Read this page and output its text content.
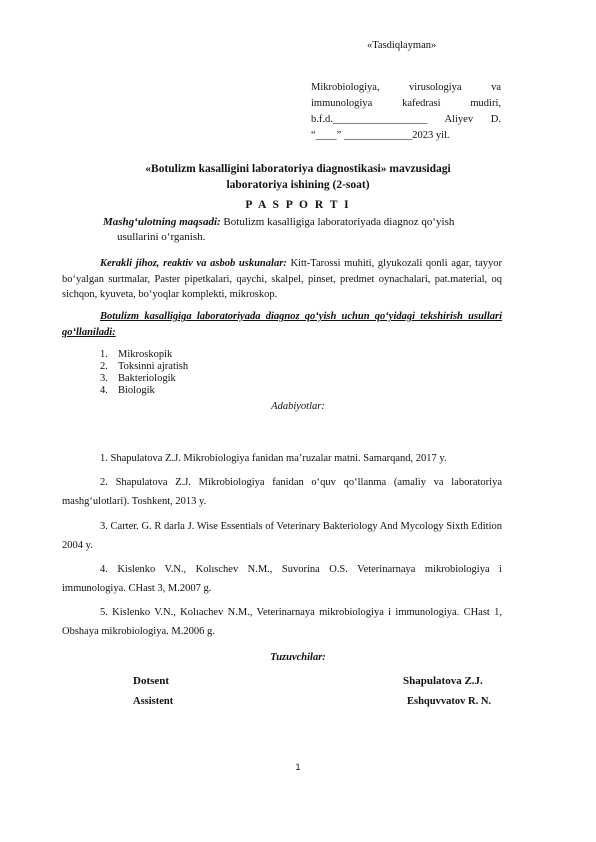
«Tasdiqlayman»
Mikrobiologiya, virusologiya va
immunologiya kafedrasi mudiri,
b.f.d.__________________ Aliyev D.
“____” _____________2023 yil.
«Botulizm kasalligini laboratoriya diagnostikasi» mavzusidagi
laboratoriya ishining (2-soat)
P A S P O R T I
Mashg‘ulotning maqsadi: Botulizm kasalligiga laboratoriyada diagnoz qo‘yish
usullarini o‘rganish.
Kerakli jihoz, reaktiv va asbob uskunalar: Kitt-Tarossi muhiti, glyukozali qonli agar, tayyor bo‘yalgan surtmalar, Paster pipetkalari, qaychi, skalpel, pinset, predmet oynachalari, pat.material, oq sichqon, kyuveta, bo‘yoqlar komplekti, mikroskop.
Botulizm kasalligiga laboratoriyada diagnoz qo‘yish uchun qo‘yidagi tekshirish usullari qo‘llaniladi:
1. Mikroskopik
2. Toksinni ajratish
3. Bakteriologik
4. Biologik
Adabiyotlar:
1. Shapulatova Z.J. Mikrobiologiya fanidan ma’ruzalar matni. Samarqand, 2017 y.
2. Shapulatova Z.J. Mikrobiologiya fanidan o‘quv qo‘llanma (amaliy va laboratoriya mashg‘ulotlari). Toshkent, 2013 y.
3. Carter. G. R darla J. Wise Essentials of Veterinary Bakteriology And Mycology Sixth Edition 2004 y.
4. Kislenko V.N., Kolıschev N.M., Suvorina O.S. Veterinarnaya mikrobiologiya i immunologiya. CHast 3, M.2007 g.
5. Kislenko V.N., Kolıachev N.M., Veterinarnaya mikrobiologiya i immunologiya. CHast 1, Obshaya mikrobiologiya. M.2006 g.
Tuzuvchilar:
Dotsent	Shapulatova Z.J.
Assistent	Eshquvvatov R. N.
1
